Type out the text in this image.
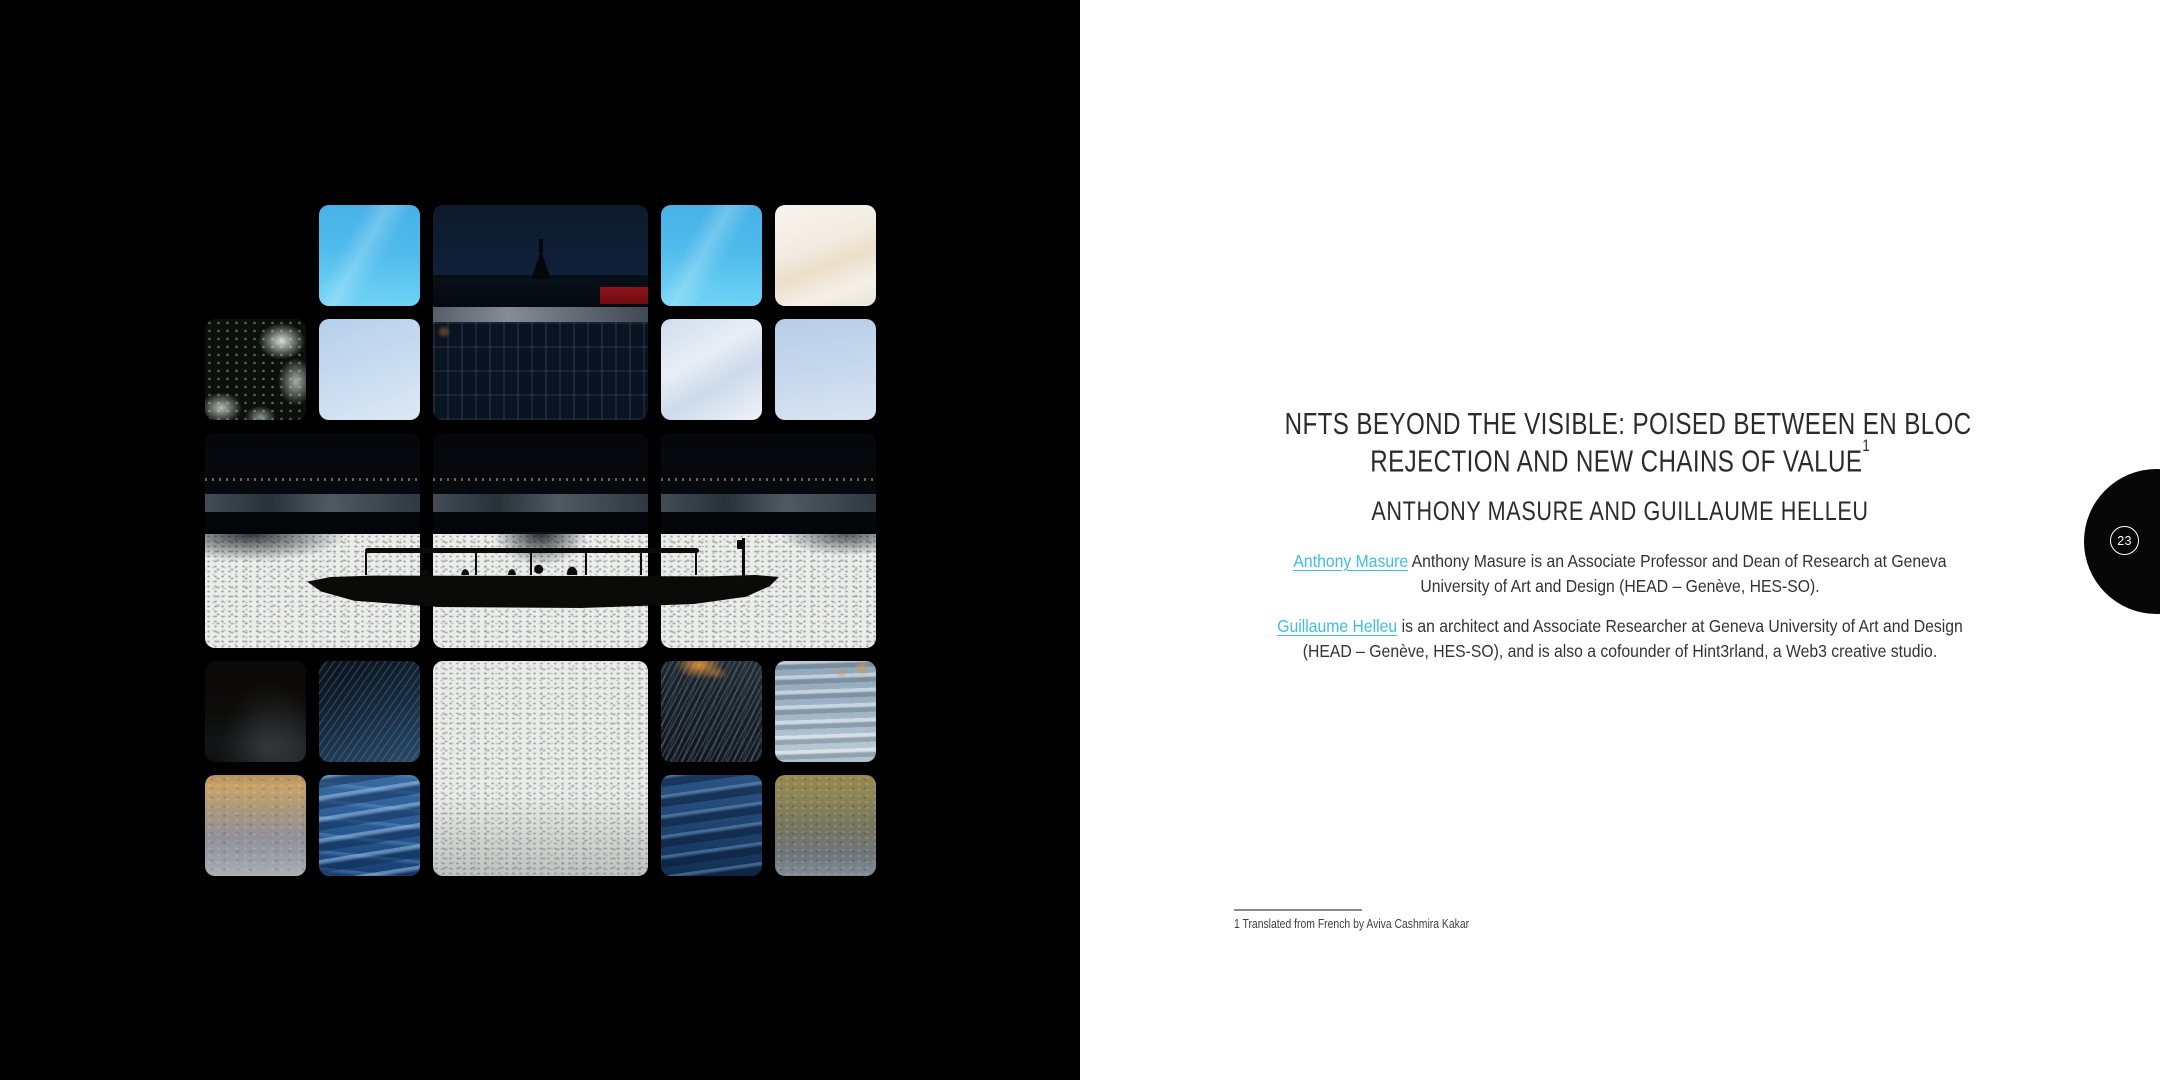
NFTS BEYOND THE VISIBLE: POISED BETWEEN EN BLOC
REJECTION AND NEW CHAINS OF VALUE$^1$
ANTHONY MASURE AND GUILLAUME HELLEU
Anthony Masure Anthony Masure is an Associate Professor and Dean of Research at Geneva
University of Art and Design (HEAD – Genève, HES-SO).
Guillaume Helleu is an architect and Associate Researcher at Geneva University of Art and Design
(HEAD – Genève, HES-SO), and is also a cofounder of Hint3rland, a Web3 creative studio.
1 Translated from French by Aviva Cashmira Kakar
23
